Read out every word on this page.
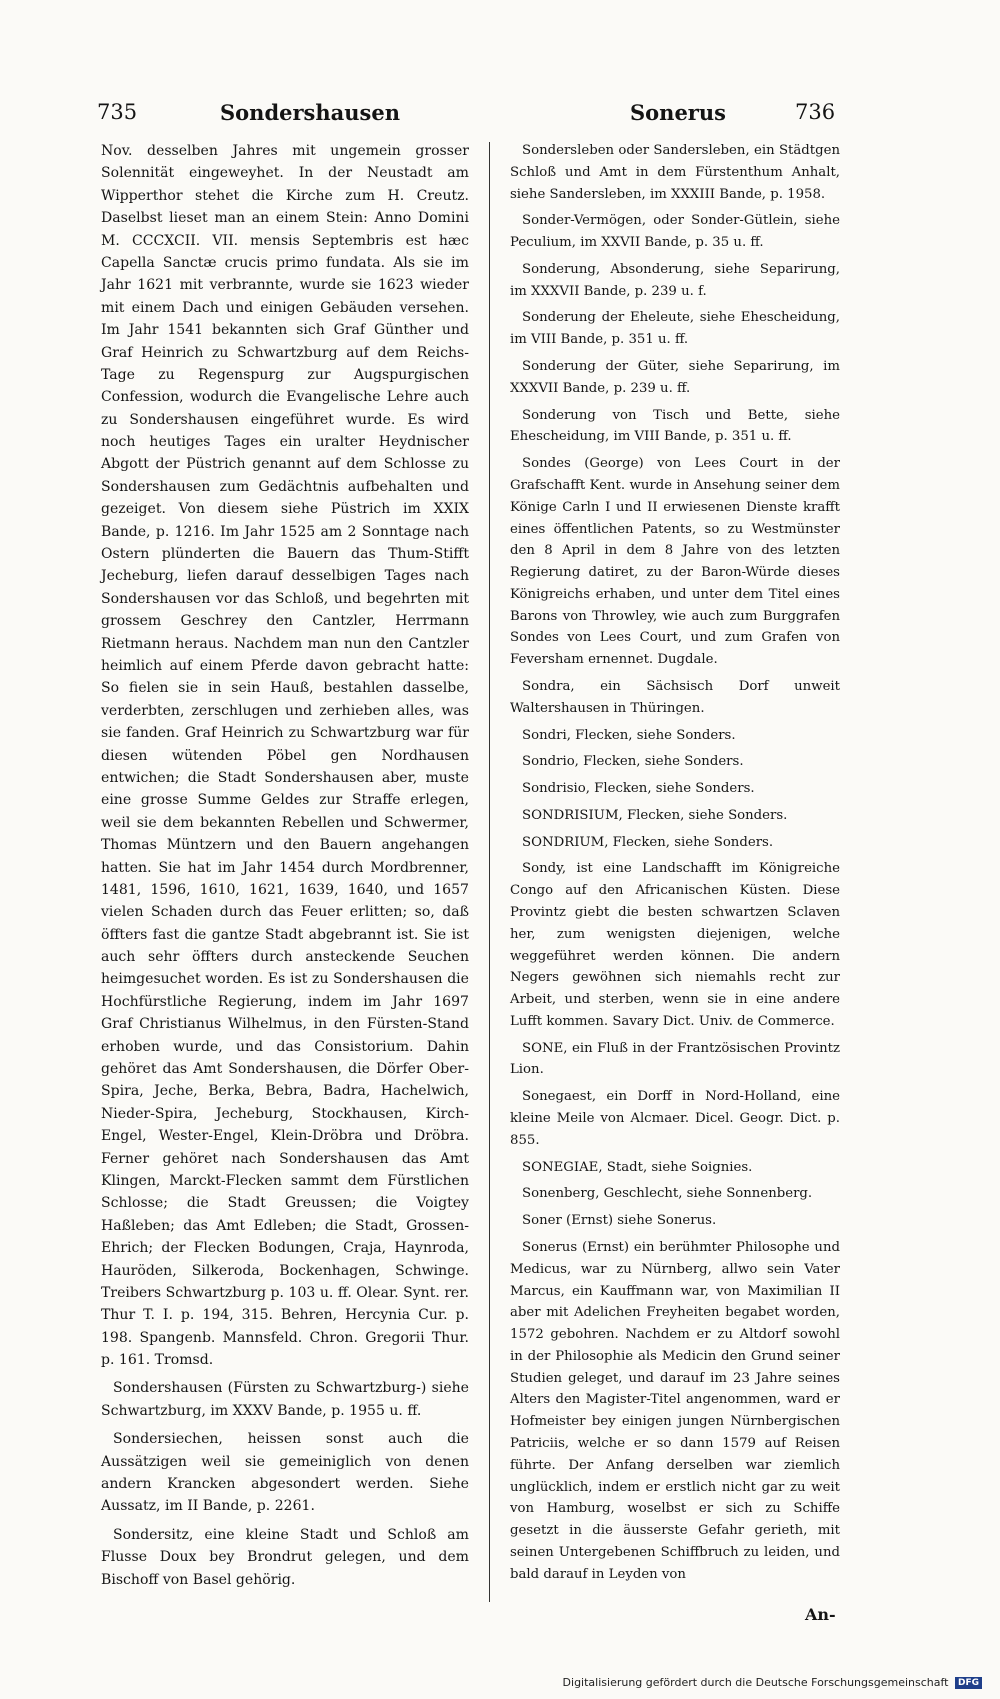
735	Sondershausen	Sonerus	736

Nov. desselben Jahres mit ungemein grosser Solennität eingeweyhet. In der Neustadt am Wipperthor stehet die Kirche zum H. Creutz. Daselbst lieset man an einem Stein: Anno Domini M. CCCXCII. VII. mensis Septembris est hæc Capella Sanctæ crucis primo fundata. Als sie im Jahr 1621 mit verbrannte, wurde sie 1623 wieder mit einem Dach und einigen Gebäuden versehen. Im Jahr 1541 bekannten sich Graf Günther und Graf Heinrich zu Schwartzburg auf dem Reichs-Tage zu Regenspurg zur Augspurgischen Confession, wodurch die Evangelische Lehre auch zu Sondershausen eingeführet wurde. Es wird noch heutiges Tages ein uralter Heydnischer Abgott der Püstrich genannt auf dem Schlosse zu Sondershausen zum Gedächtnis aufbehalten und gezeiget. Von diesem siehe Püstrich im XXIX Bande, p. 1216. Im Jahr 1525 am 2 Sonntage nach Ostern plünderten die Bauern das Thum-Stifft Jecheburg, liefen darauf desselbigen Tages nach Sondershausen vor das Schloß, und begehrten mit grossem Geschrey den Cantzler, Herrmann Rietmann heraus. Nachdem man nun den Cantzler heimlich auf einem Pferde davon gebracht hatte: So fielen sie in sein Hauß, bestahlen dasselbe, verderbten, zerschlugen und zerhieben alles, was sie fanden. Graf Heinrich zu Schwartzburg war für diesen wütenden Pöbel gen Nordhausen entwichen; die Stadt Sondershausen aber, muste eine grosse Summe Geldes zur Straffe erlegen, weil sie dem bekannten Rebellen und Schwermer, Thomas Müntzern und den Bauern angehangen hatten. Sie hat im Jahr 1454 durch Mordbrenner, 1481, 1596, 1610, 1621, 1639, 1640, und 1657 vielen Schaden durch das Feuer erlitten; so, daß öffters fast die gantze Stadt abgebrannt ist. Sie ist auch sehr öffters durch ansteckende Seuchen heimgesuchet worden. Es ist zu Sondershausen die Hochfürstliche Regierung, indem im Jahr 1697 Graf Christianus Wilhelmus, in den Fürsten-Stand erhoben wurde, und das Consistorium. Dahin gehöret das Amt Sondershausen, die Dörfer Ober-Spira, Jeche, Berka, Bebra, Badra, Hachelwich, Nieder-Spira, Jecheburg, Stockhausen, Kirch-Engel, Wester-Engel, Klein-Dröbra und Dröbra. Ferner gehöret nach Sondershausen das Amt Klingen, Marckt-Flecken sammt dem Fürstlichen Schlosse; die Stadt Greussen; die Voigtey Haßleben; das Amt Edleben; die Stadt, Grossen-Ehrich; der Flecken Bodungen, Craja, Haynroda, Hauröden, Silkeroda, Bockenhagen, Schwinge. Treibers Schwartzburg p. 103 u. ff. Olear. Synt. rer. Thur T. I. p. 194, 315. Behren, Hercynia Cur. p. 198. Spangenb. Mannsfeld. Chron. Gregorii Thur. p. 161. Tromsd.

Sondershausen (Fürsten zu Schwartzburg-) siehe Schwartzburg, im XXXV Bande, p. 1955 u. ff.

Sondersiechen, heissen sonst auch die Aussätzigen weil sie gemeiniglich von denen andern Krancken abgesondert werden. Siehe Aussatz, im II Bande, p. 2261.

Sondersitz, eine kleine Stadt und Schloß am Flusse Doux bey Brondrut gelegen, und dem Bischoff von Basel gehörig.

Sondersleben oder Sandersleben, ein Städtgen Schloß und Amt in dem Fürstenthum Anhalt, siehe Sandersleben, im XXXIII Bande, p. 1958.

Sonder-Vermögen, oder Sonder-Gütlein, siehe Peculium, im XXVII Bande, p. 35 u. ff.

Sonderung, Absonderung, siehe Separirung, im XXXVII Bande, p. 239 u. f.

Sonderung der Eheleute, siehe Ehescheidung, im VIII Bande, p. 351 u. ff.

Sonderung der Güter, siehe Separirung, im XXXVII Bande, p. 239 u. ff.

Sonderung von Tisch und Bette, siehe Ehescheidung, im VIII Bande, p. 351 u. ff.

Sondes (George) von Lees Court in der Grafschafft Kent. wurde in Ansehung seiner dem Könige Carln I und II erwiesenen Dienste krafft eines öffentlichen Patents, so zu Westmünster den 8 April in dem 8 Jahre von des letzten Regierung datiret, zu der Baron-Würde dieses Königreichs erhaben, und unter dem Titel eines Barons von Throwley, wie auch zum Burggrafen Sondes von Lees Court, und zum Grafen von Feversham ernennet. Dugdale.

Sondra, ein Sächsisch Dorf unweit Waltershausen in Thüringen.

Sondri, Flecken, siehe Sonders.

Sondrio, Flecken, siehe Sonders.

Sondrisio, Flecken, siehe Sonders.

SONDRISIUM, Flecken, siehe Sonders.

SONDRIUM, Flecken, siehe Sonders.

Sondy, ist eine Landschafft im Königreiche Congo auf den Africanischen Küsten. Diese Provintz giebt die besten schwartzen Sclaven her, zum wenigsten diejenigen, welche weggeführet werden können. Die andern Negers gewöhnen sich niemahls recht zur Arbeit, und sterben, wenn sie in eine andere Lufft kommen. Savary Dict. Univ. de Commerce.

SONE, ein Fluß in der Frantzösischen Provintz Lion.

Sonegaest, ein Dorff in Nord-Holland, eine kleine Meile von Alcmaer. Dicel. Geogr. Dict. p. 855.

SONEGIAE, Stadt, siehe Soignies.

Sonenberg, Geschlecht, siehe Sonnenberg.

Soner (Ernst) siehe Sonerus.

Sonerus (Ernst) ein berühmter Philosophe und Medicus, war zu Nürnberg, allwo sein Vater Marcus, ein Kauffmann war, von Maximilian II aber mit Adelichen Freyheiten begabet worden, 1572 gebohren. Nachdem er zu Altdorf sowohl in der Philosophie als Medicin den Grund seiner Studien geleget, und darauf im 23 Jahre seines Alters den Magister-Titel angenommen, ward er Hofmeister bey einigen jungen Nürnbergischen Patriciis, welche er so dann 1579 auf Reisen führte. Der Anfang derselben war ziemlich unglücklich, indem er erstlich nicht gar zu weit von Hamburg, woselbst er sich zu Schiffe gesetzt in die äusserste Gefahr gerieth, mit seinen Untergebenen Schiffbruch zu leiden, und bald darauf in Leyden von

An-
Digitalisierung gefördert durch die Deutsche Forschungsgemeinschaft DFG
